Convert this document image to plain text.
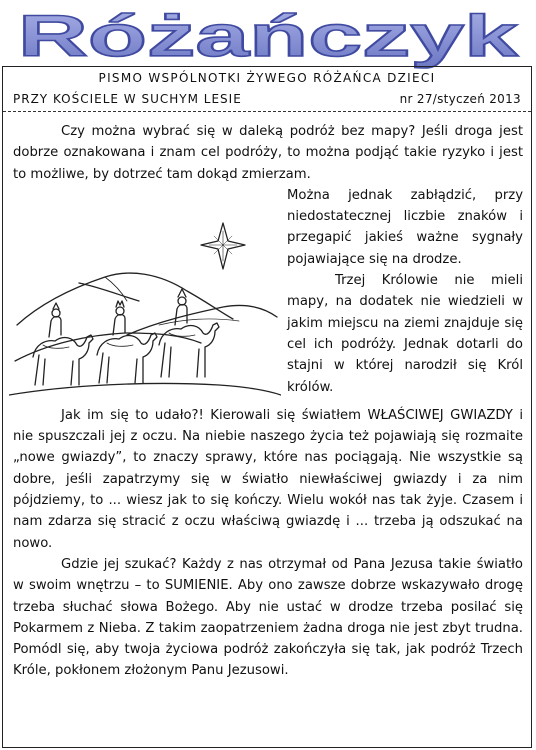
Różańczyk
PISMO WSPÓLNOTKI ŻYWEGO RÓŻAŃCA DZIECI
PRZY KOŚCIELE W SUCHYM LESIE	nr 27/styczeń 2013

Czy można wybrać się w daleką podróż bez mapy? Jeśli droga jest dobrze oznakowana i znam cel podróży, to można podjąć takie ryzyko i jest to możliwe, by dotrzeć tam dokąd zmierzam.

Można jednak zabłądzić, przy niedostatecznej liczbie znaków i przegapić jakieś ważne sygnały pojawiające się na drodze.

Trzej Królowie nie mieli mapy, na dodatek nie wiedzieli w jakim miejscu na ziemi znajduje się cel ich podróży. Jednak dotarli do stajni w której narodził się Król królów.

Jak im się to udało?! Kierowali się światłem WŁAŚCIWEJ GWIAZDY i nie spuszczali jej z oczu. Na niebie naszego życia też pojawiają się rozmaite „nowe gwiazdy”, to znaczy sprawy, które nas pociągają. Nie wszystkie są dobre, jeśli zapatrzymy się w światło niewłaściwej gwiazdy i za nim pójdziemy, to ... wiesz jak to się kończy. Wielu wokół nas tak żyje. Czasem i nam zdarza się stracić z oczu właściwą gwiazdę i ... trzeba ją odszukać na nowo.

Gdzie jej szukać? Każdy z nas otrzymał od Pana Jezusa takie światło w swoim wnętrzu – to SUMIENIE. Aby ono zawsze dobrze wskazywało drogę trzeba słuchać słowa Bożego. Aby nie ustać w drodze trzeba posilać się Pokarmem z Nieba. Z takim zaopatrzeniem żadna droga nie jest zbyt trudna. Pomódl się, aby twoja życiowa podróż zakończyła się tak, jak podróż Trzech Króle, pokłonem złożonym Panu Jezusowi.
